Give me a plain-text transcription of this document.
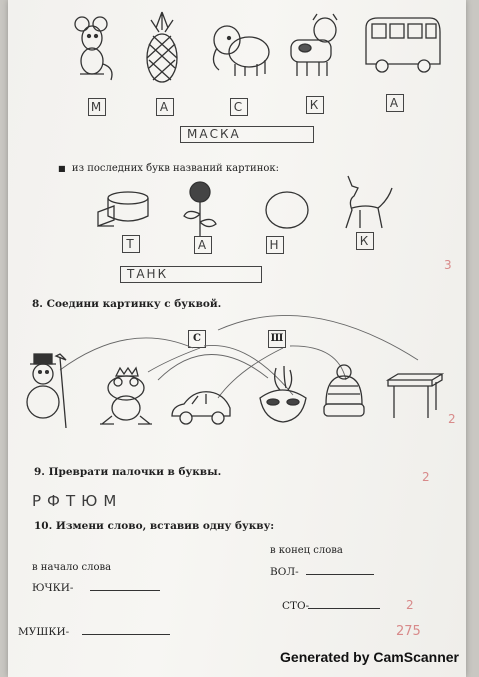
М	А	С	К	А
МАСКА
■ из последних букв названий картинок:
Т	А	Н	К
ТАНК
3
8. Соедини картинку с буквой.
С	Ш
2
9. Преврати палочки в буквы.
РФТЮМ
2
10. Измени слово, вставив одну букву:
в конец слова
в начало слова	ВОЛ-
ЮЧКИ-
СТО-	2
МУШКИ-	275
Generated by CamScanner
